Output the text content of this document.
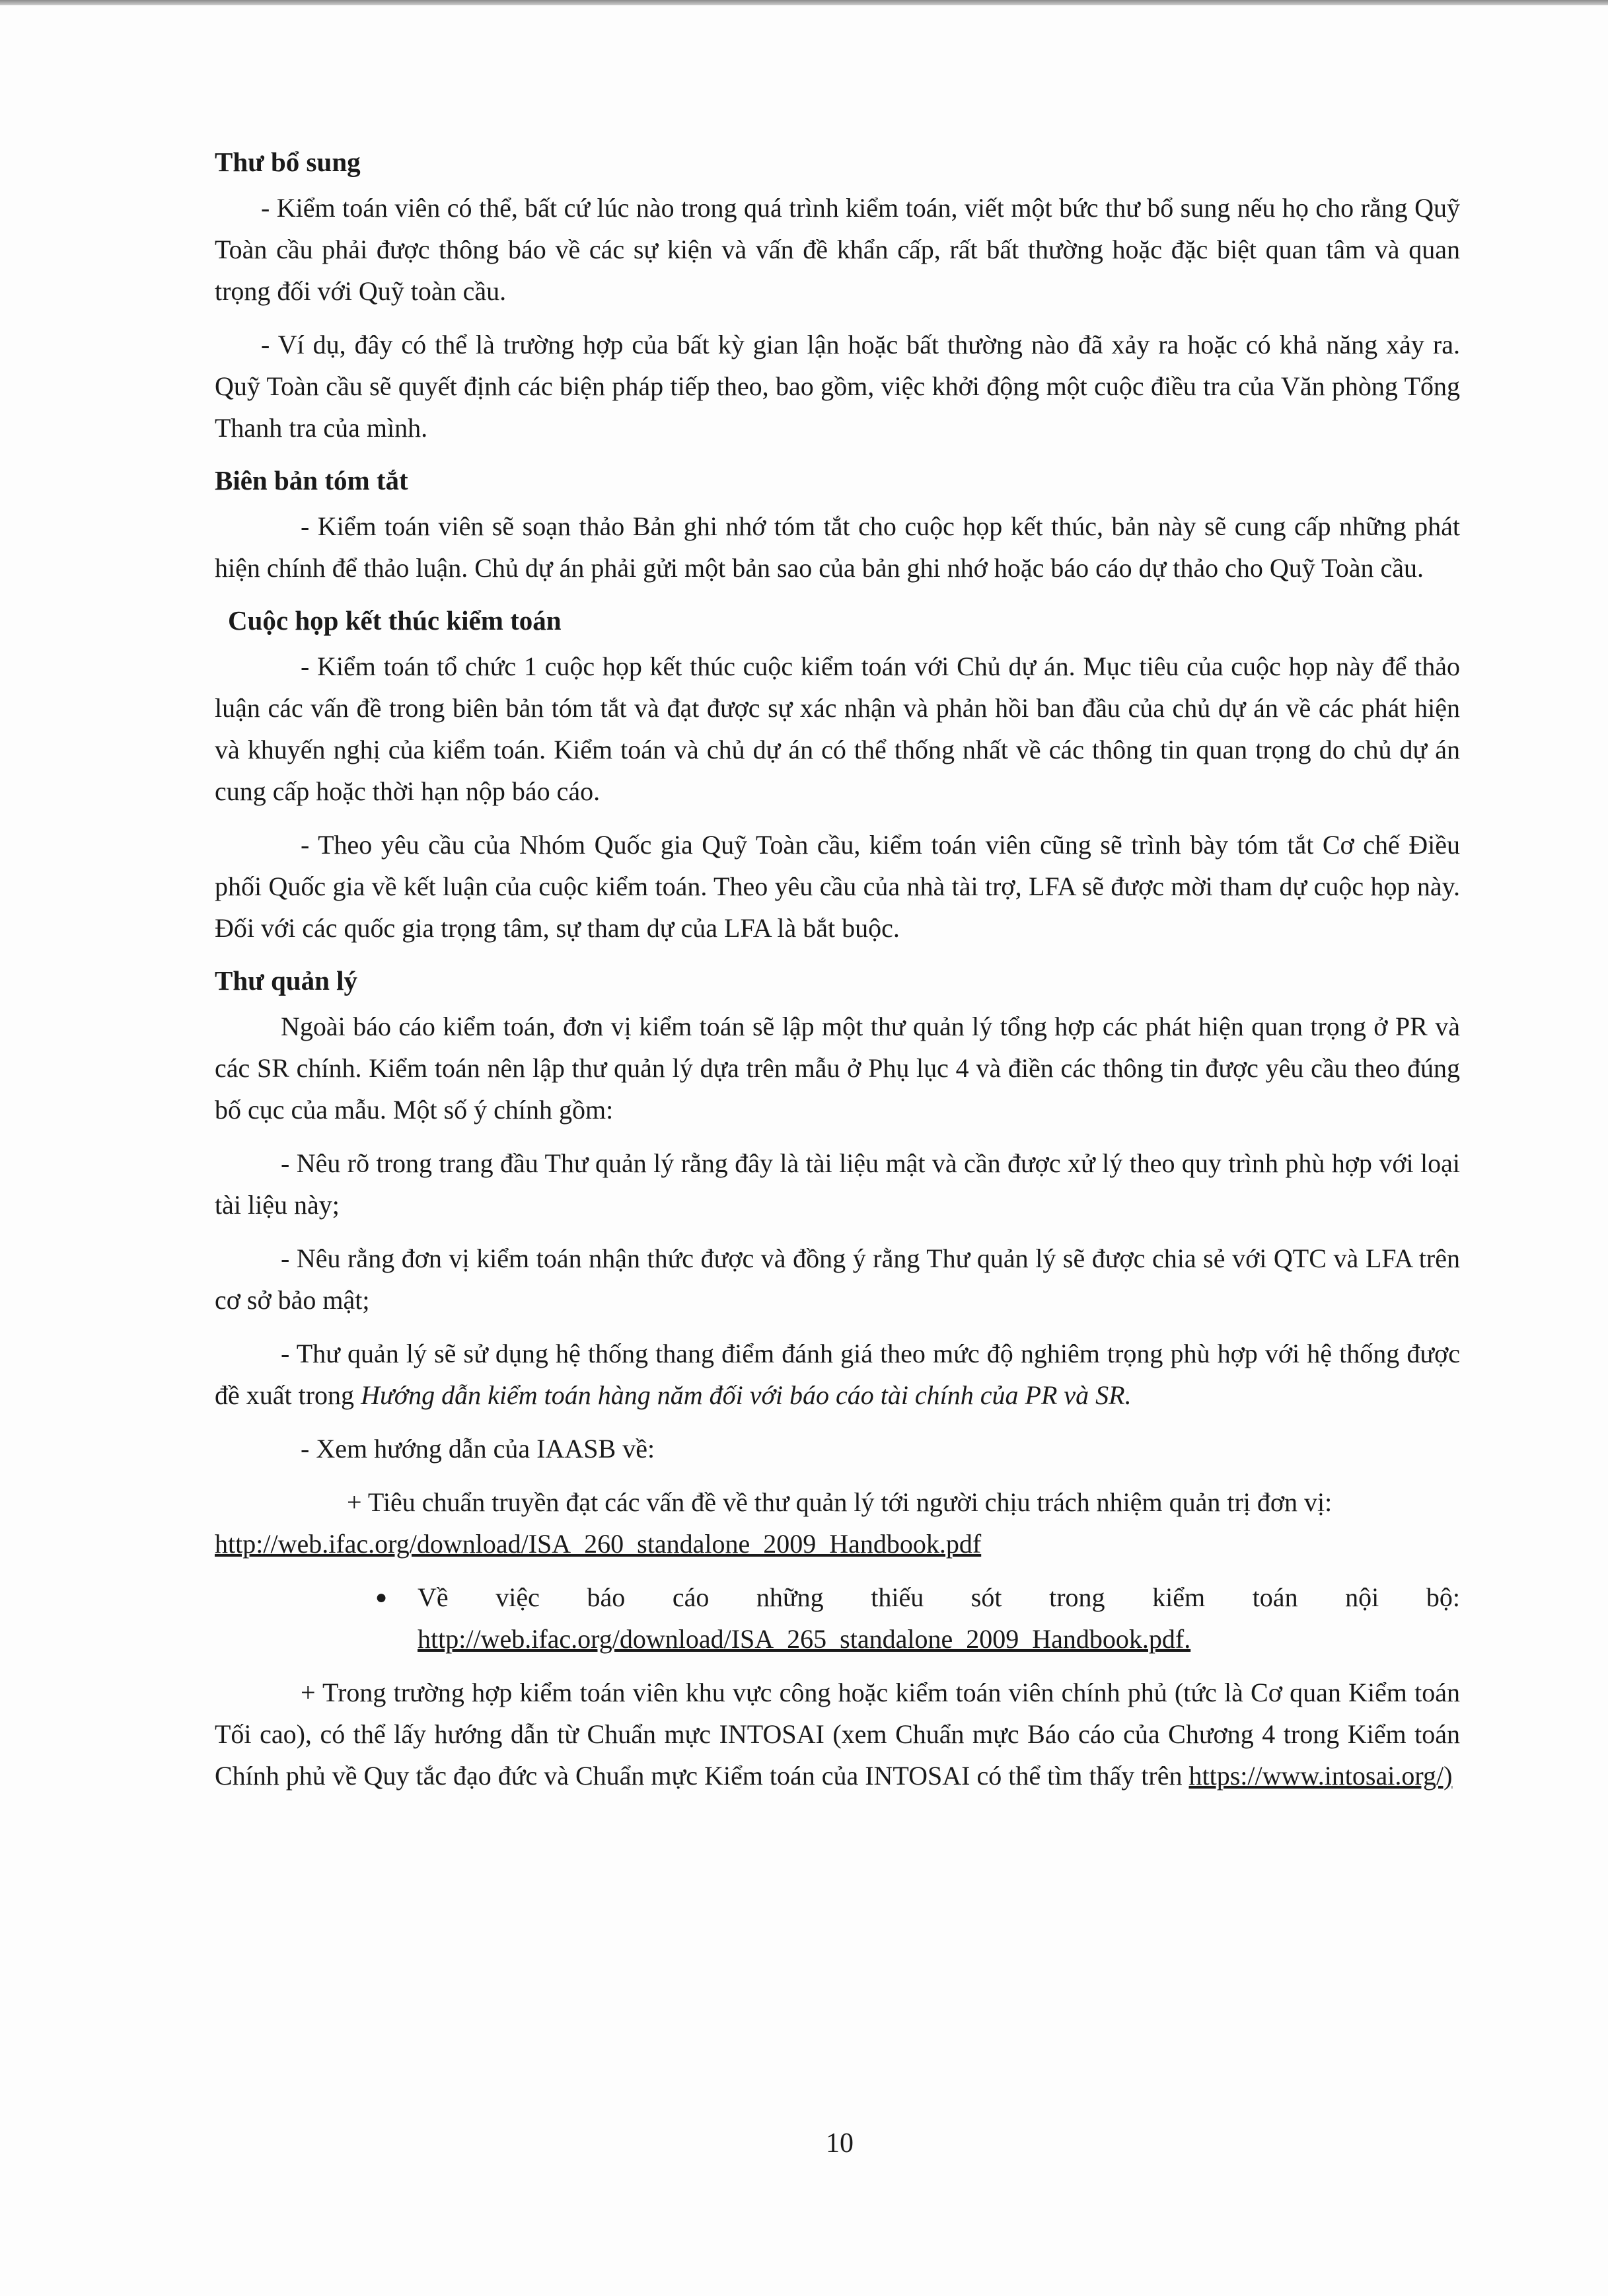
Thư bổ sung

- Kiểm toán viên có thể, bất cứ lúc nào trong quá trình kiểm toán, viết một bức thư bổ sung nếu họ cho rằng Quỹ Toàn cầu phải được thông báo về các sự kiện và vấn đề khẩn cấp, rất bất thường hoặc đặc biệt quan tâm và quan trọng đối với Quỹ toàn cầu.

- Ví dụ, đây có thể là trường hợp của bất kỳ gian lận hoặc bất thường nào đã xảy ra hoặc có khả năng xảy ra. Quỹ Toàn cầu sẽ quyết định các biện pháp tiếp theo, bao gồm, việc khởi động một cuộc điều tra của Văn phòng Tổng Thanh tra của mình.

Biên bản tóm tắt

- Kiểm toán viên sẽ soạn thảo Bản ghi nhớ tóm tắt cho cuộc họp kết thúc, bản này sẽ cung cấp những phát hiện chính để thảo luận. Chủ dự án phải gửi một bản sao của bản ghi nhớ hoặc báo cáo dự thảo cho Quỹ Toàn cầu.

Cuộc họp kết thúc kiểm toán

- Kiểm toán tổ chức 1 cuộc họp kết thúc cuộc kiểm toán với Chủ dự án. Mục tiêu của cuộc họp này để thảo luận các vấn đề trong biên bản tóm tắt và đạt được sự xác nhận và phản hồi ban đầu của chủ dự án về các phát hiện và khuyến nghị của kiểm toán. Kiểm toán và chủ dự án có thể thống nhất về các thông tin quan trọng do chủ dự án cung cấp hoặc thời hạn nộp báo cáo.

- Theo yêu cầu của Nhóm Quốc gia Quỹ Toàn cầu, kiểm toán viên cũng sẽ trình bày tóm tắt Cơ chế Điều phối Quốc gia về kết luận của cuộc kiểm toán. Theo yêu cầu của nhà tài trợ, LFA sẽ được mời tham dự cuộc họp này. Đối với các quốc gia trọng tâm, sự tham dự của LFA là bắt buộc.

Thư quản lý

Ngoài báo cáo kiểm toán, đơn vị kiểm toán sẽ lập một thư quản lý tổng hợp các phát hiện quan trọng ở PR và các SR chính. Kiểm toán nên lập thư quản lý dựa trên mẫu ở Phụ lục 4 và điền các thông tin được yêu cầu theo đúng bố cục của mẫu. Một số ý chính gồm:

- Nêu rõ trong trang đầu Thư quản lý rằng đây là tài liệu mật và cần được xử lý theo quy trình phù hợp với loại tài liệu này;

- Nêu rằng đơn vị kiểm toán nhận thức được và đồng ý rằng Thư quản lý sẽ được chia sẻ với QTC và LFA trên cơ sở bảo mật;

- Thư quản lý sẽ sử dụng hệ thống thang điểm đánh giá theo mức độ nghiêm trọng phù hợp với hệ thống được đề xuất trong Hướng dẫn kiểm toán hàng năm đối với báo cáo tài chính của PR và SR.

- Xem hướng dẫn của IAASB về:

+ Tiêu chuẩn truyền đạt các vấn đề về thư quản lý tới người chịu trách nhiệm quản trị đơn vị:

http://web.ifac.org/download/ISA_260_standalone_2009_Handbook.pdf

● Về việc báo cáo những thiếu sót trong kiểm toán nội bộ:

http://web.ifac.org/download/ISA_265_standalone_2009_Handbook.pdf.

+ Trong trường hợp kiểm toán viên khu vực công hoặc kiểm toán viên chính phủ (tức là Cơ quan Kiểm toán Tối cao), có thể lấy hướng dẫn từ Chuẩn mực INTOSAI (xem Chuẩn mực Báo cáo của Chương 4 trong Kiểm toán Chính phủ về Quy tắc đạo đức và Chuẩn mực Kiểm toán của INTOSAI có thể tìm thấy trên https://www.intosai.org/)

10
